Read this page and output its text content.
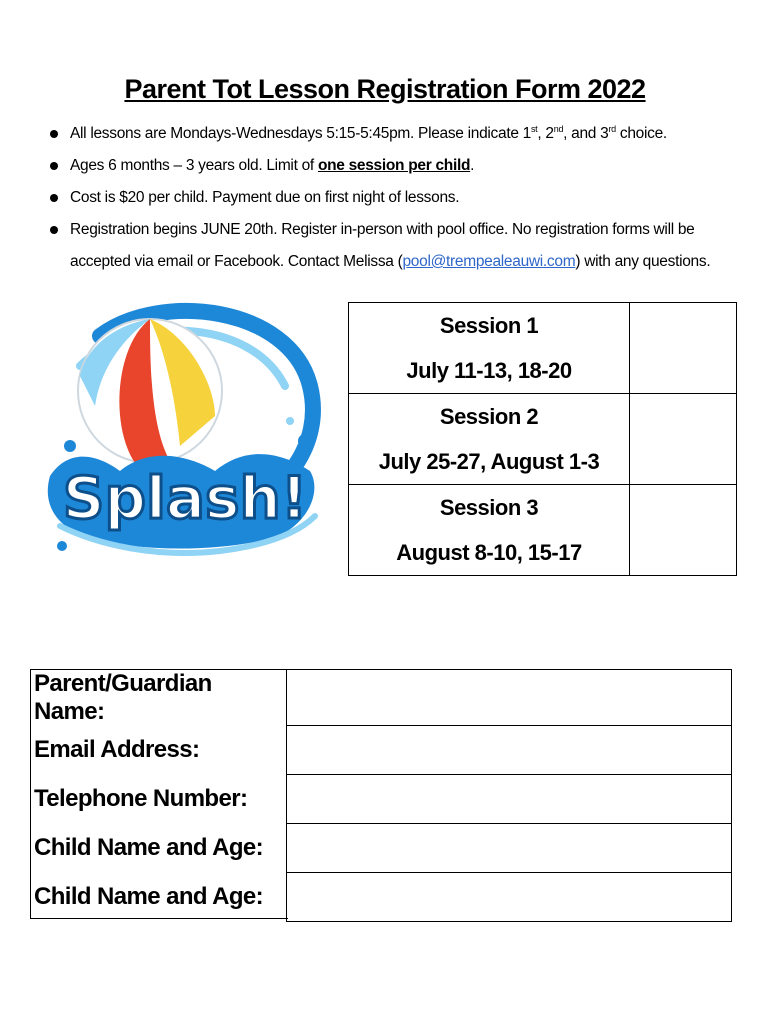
Parent Tot Lesson Registration Form 2022
All lessons are Mondays-Wednesdays 5:15-5:45pm. Please indicate 1st, 2nd, and 3rd choice.
Ages 6 months – 3 years old. Limit of one session per child.
Cost is $20 per child. Payment due on first night of lessons.
Registration begins JUNE 20th. Register in-person with pool office. No registration forms will be accepted via email or Facebook. Contact Melissa (pool@trempealeauwi.com) with any questions.
Splash!
Session 1
July 11-13, 18-20	

Session 2
July 25-27, August 1-3	

Session 3
August 8-10, 15-17	

Parent/Guardian Name:	
Email Address:	
Telephone Number:	
Child Name and Age:	
Child Name and Age:	
